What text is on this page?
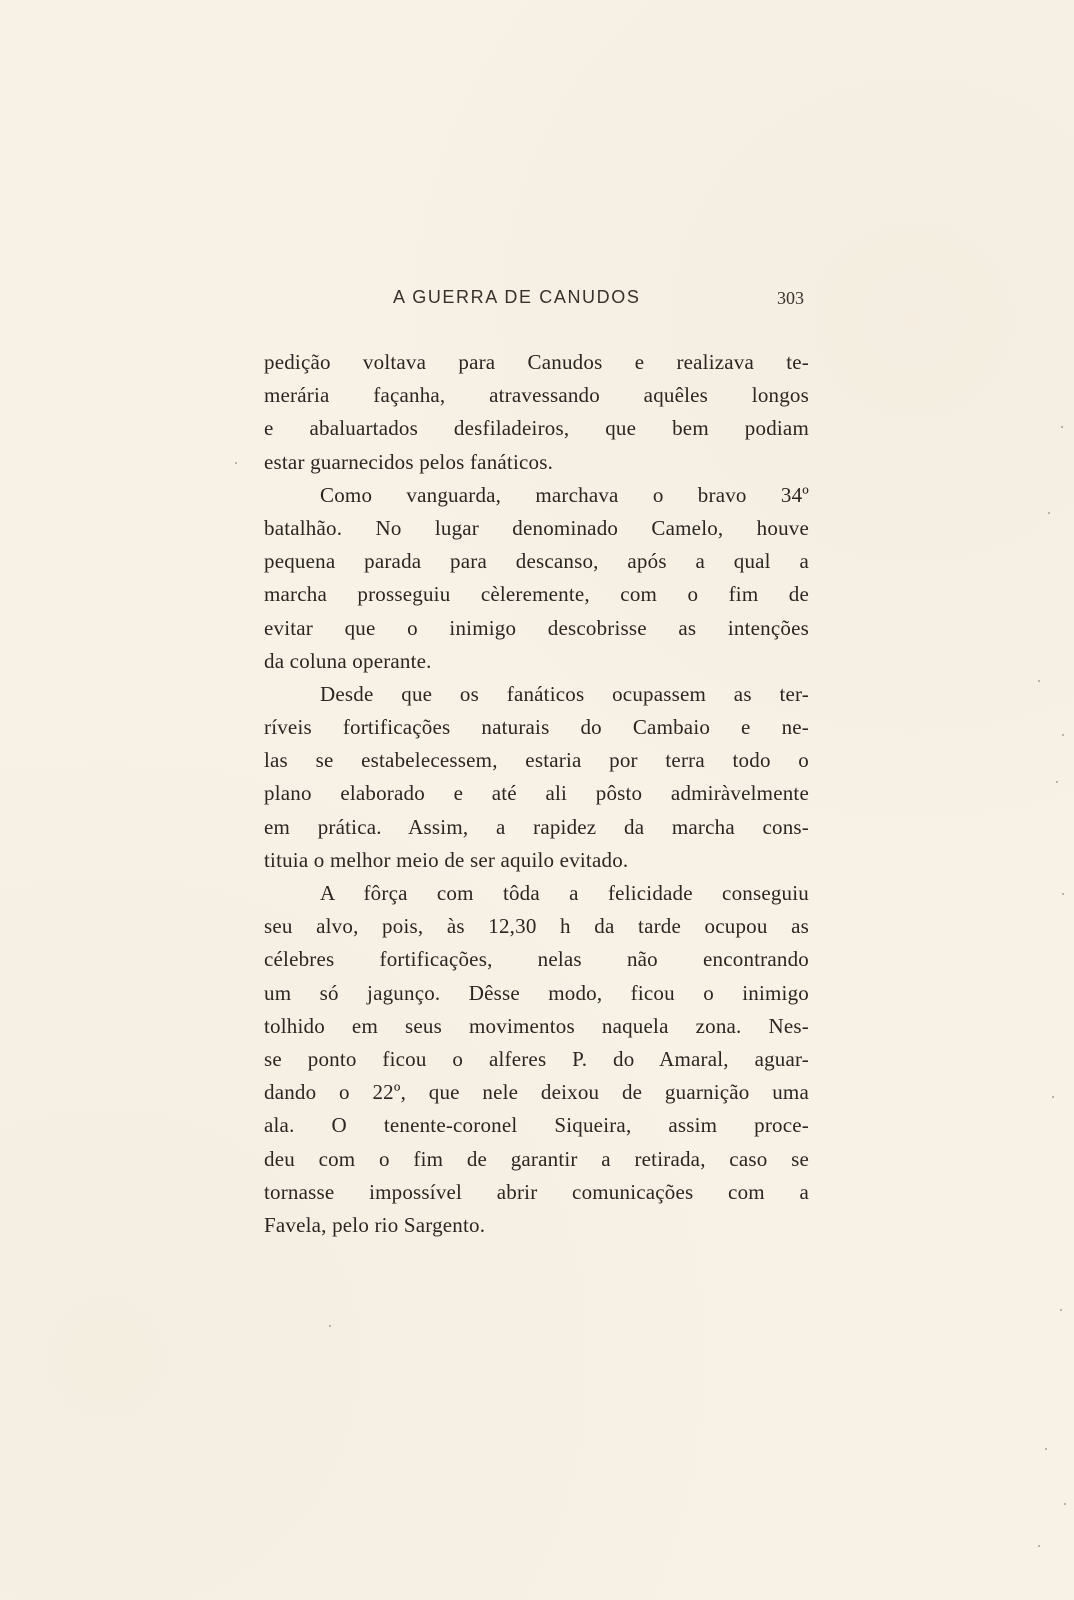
A GUERRA DE CANUDOS	303
pedição voltava para Canudos e realizava te-
merária façanha, atravessando aquêles longos
e abaluartados desfiladeiros, que bem podiam
estar guarnecidos pelos fanáticos.
Como vanguarda, marchava o bravo 34º
batalhão. No lugar denominado Camelo, houve
pequena parada para descanso, após a qual a
marcha prosseguiu cèleremente, com o fim de
evitar que o inimigo descobrisse as intenções
da coluna operante.
Desde que os fanáticos ocupassem as ter-
ríveis fortificações naturais do Cambaio e ne-
las se estabelecessem, estaria por terra todo o
plano elaborado e até ali pôsto admiràvelmente
em prática. Assim, a rapidez da marcha cons-
tituia o melhor meio de ser aquilo evitado.
A fôrça com tôda a felicidade conseguiu
seu alvo, pois, às 12,30 h da tarde ocupou as
célebres fortificações, nelas não encontrando
um só jagunço. Dêsse modo, ficou o inimigo
tolhido em seus movimentos naquela zona. Nes-
se ponto ficou o alferes P. do Amaral, aguar-
dando o 22º, que nele deixou de guarnição uma
ala. O tenente-coronel Siqueira, assim proce-
deu com o fim de garantir a retirada, caso se
tornasse impossível abrir comunicações com a
Favela, pelo rio Sargento.
